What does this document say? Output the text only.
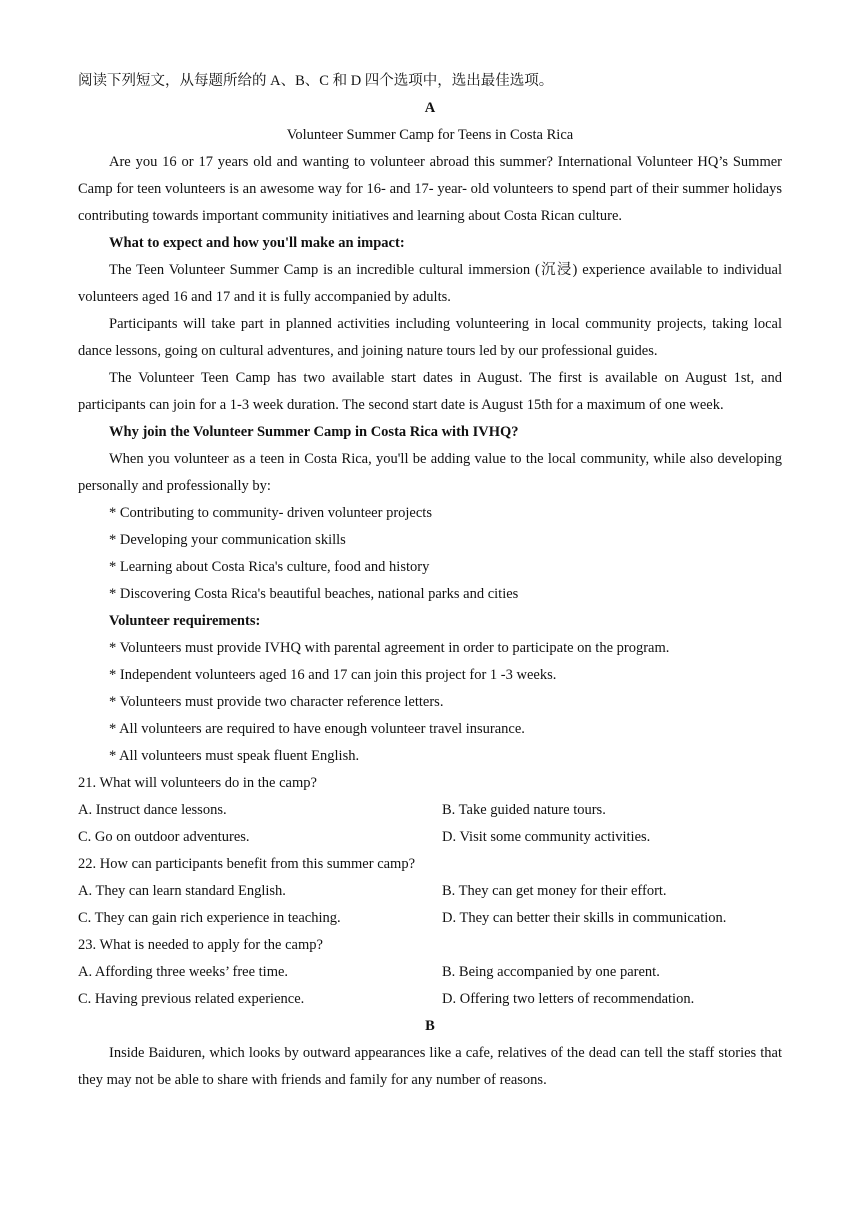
阅读下列短文，从每题所给的 A、B、C 和 D 四个选项中，选出最佳选项。
A
Volunteer Summer Camp for Teens in Costa Rica

Are you 16 or 17 years old and wanting to volunteer abroad this summer? International Volunteer HQ’s Summer Camp for teen volunteers is an awesome way for 16- and 17- year- old volunteers to spend part of their summer holidays contributing towards important community initiatives and learning about Costa Rican culture.

What to expect and how you'll make an impact:

The Teen Volunteer Summer Camp is an incredible cultural immersion (沉浸) experience available to individual volunteers aged 16 and 17 and it is fully accompanied by adults.

Participants will take part in planned activities including volunteering in local community projects, taking local dance lessons, going on cultural adventures, and joining nature tours led by our professional guides.

The Volunteer Teen Camp has two available start dates in August. The first is available on August 1st, and participants can join for a 1-3 week duration. The second start date is August 15th for a maximum of one week.

Why join the Volunteer Summer Camp in Costa Rica with IVHQ?

When you volunteer as a teen in Costa Rica, you'll be adding value to the local community, while also developing personally and professionally by:

* Contributing to community- driven volunteer projects
* Developing your communication skills
* Learning about Costa Rica's culture, food and history
* Discovering Costa Rica's beautiful beaches, national parks and cities
Volunteer requirements:
* Volunteers must provide IVHQ with parental agreement in order to participate on the program.
* Independent volunteers aged 16 and 17 can join this project for 1 -3 weeks.
* Volunteers must provide two character reference letters.
* All volunteers are required to have enough volunteer travel insurance.
* All volunteers must speak fluent English.
21. What will volunteers do in the camp?
A. Instruct dance lessons.	B. Take guided nature tours.
C. Go on outdoor adventures.	D. Visit some community activities.
22. How can participants benefit from this summer camp?
A. They can learn standard English.	B. They can get money for their effort.
C. They can gain rich experience in teaching.	D. They can better their skills in communication.
23. What is needed to apply for the camp?
A. Affording three weeks’ free time.	B. Being accompanied by one parent.
C. Having previous related experience.	D. Offering two letters of recommendation.
B

Inside Baiduren, which looks by outward appearances like a cafe, relatives of the dead can tell the staff stories that they may not be able to share with friends and family for any number of reasons.
